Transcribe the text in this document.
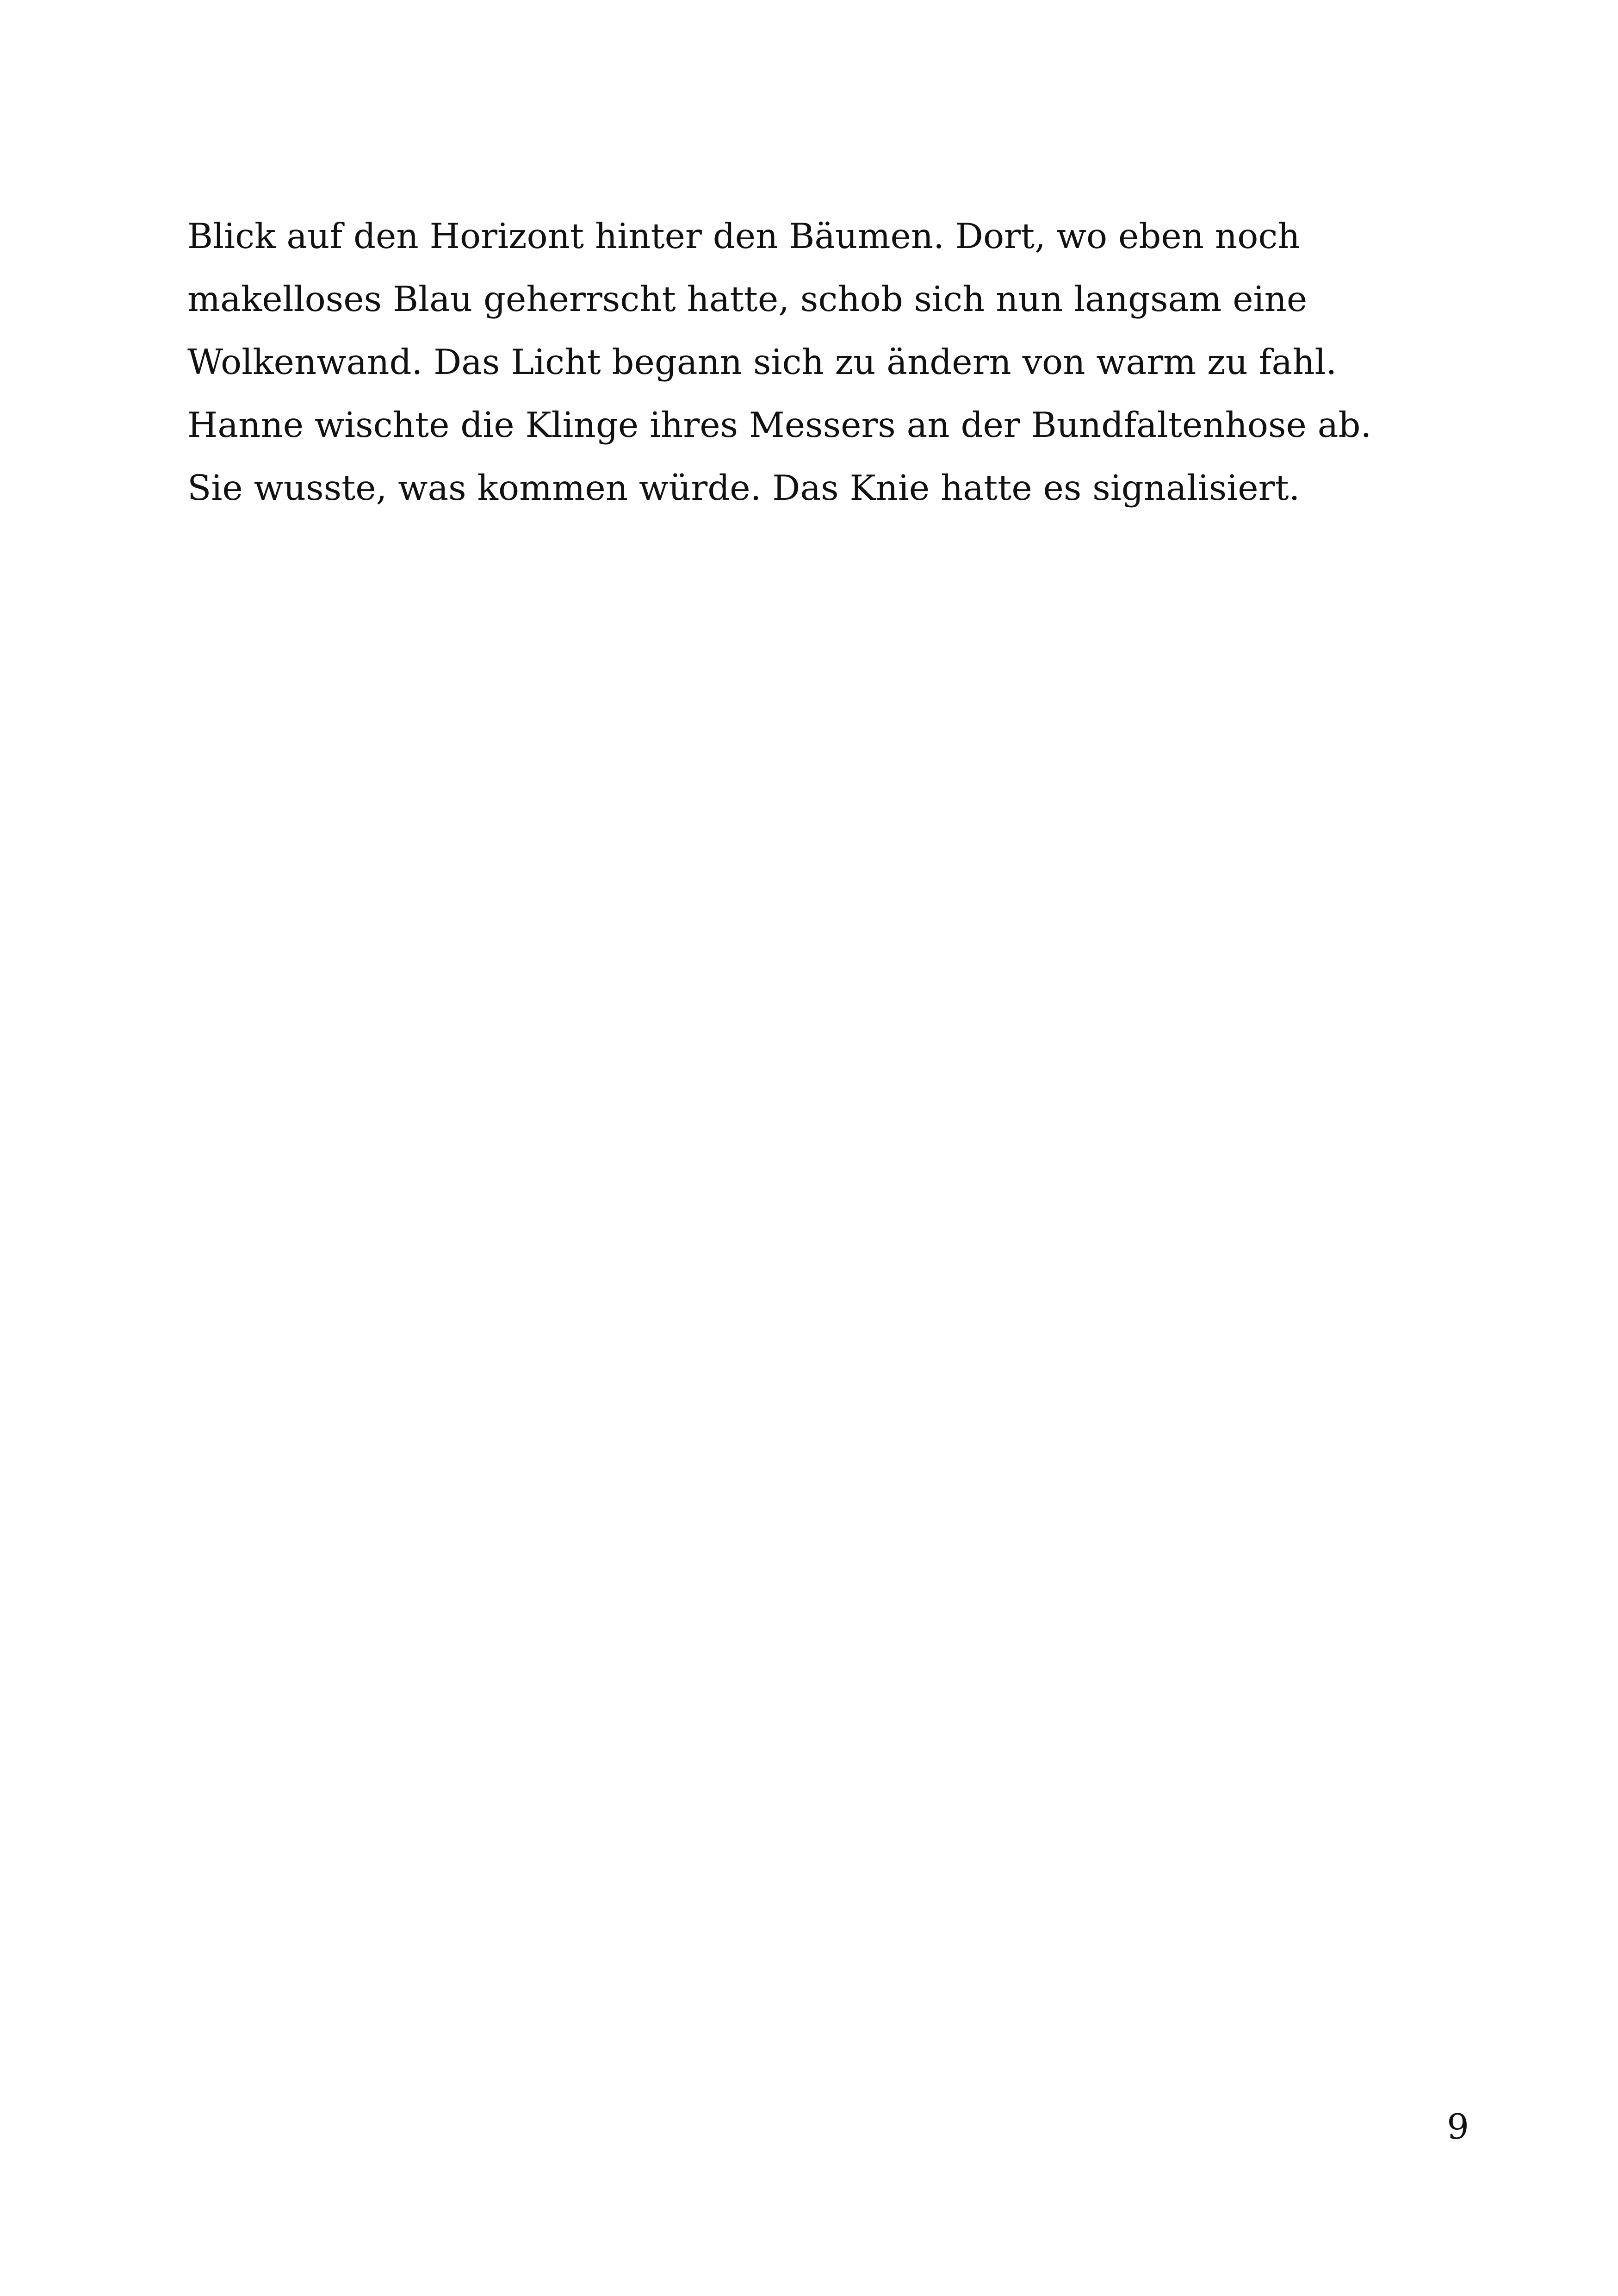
Blick auf den Horizont hinter den Bäumen. Dort, wo eben noch
makelloses Blau geherrscht hatte, schob sich nun langsam eine
Wolkenwand. Das Licht begann sich zu ändern von warm zu fahl.
Hanne wischte die Klinge ihres Messers an der Bundfaltenhose ab.
Sie wusste, was kommen würde. Das Knie hatte es signalisiert.
9
